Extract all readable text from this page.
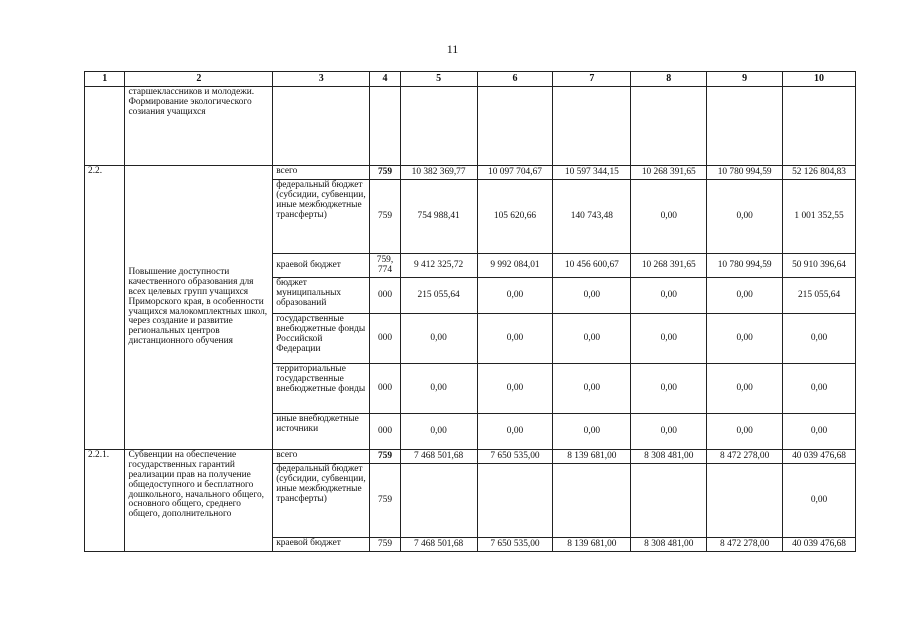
11
1	2	3	4	5	6	7	8	9	10
	старшеклассников и молодежи. Формирование экологического созиания учащихся								
2.2.	Повышение доступности качественного образования для всех целевых групп учащихся Приморского края, в особенности учащихся малокомплектных школ, через создание и развитие региональных центров дистанционного обучения	всего	759	10 382 369,77	10 097 704,67	10 597 344,15	10 268 391,65	10 780 994,59	52 126 804,83
		федеральный бюджет (субсидии, субвенции, иные межбюджетные трансферты)	759	754 988,41	105 620,66	140 743,48	0,00	0,00	1 001 352,55
		краевой бюджет	759, 774	9 412 325,72	9 992 084,01	10 456 600,67	10 268 391,65	10 780 994,59	50 910 396,64
		бюджет муниципальных образований	000	215 055,64	0,00	0,00	0,00	0,00	215 055,64
		государственные внебюджетные фонды Российской Федерации	000	0,00	0,00	0,00	0,00	0,00	0,00
		территориальные государственные внебюджетные фонды	000	0,00	0,00	0,00	0,00	0,00	0,00
		иные внебюджетные источники	000	0,00	0,00	0,00	0,00	0,00	0,00
2.2.1.	Субвенции на обеспечение государственных гарантий реализации прав на получение общедоступного и бесплатного дошкольного, начального общего, основного общего, среднего общего, дополнительного	всего	759	7 468 501,68	7 650 535,00	8 139 681,00	8 308 481,00	8 472 278,00	40 039 476,68
		федеральный бюджет (субсидии, субвенции, иные межбюджетные трансферты)	759						0,00
		краевой бюджет	759	7 468 501,68	7 650 535,00	8 139 681,00	8 308 481,00	8 472 278,00	40 039 476,68
